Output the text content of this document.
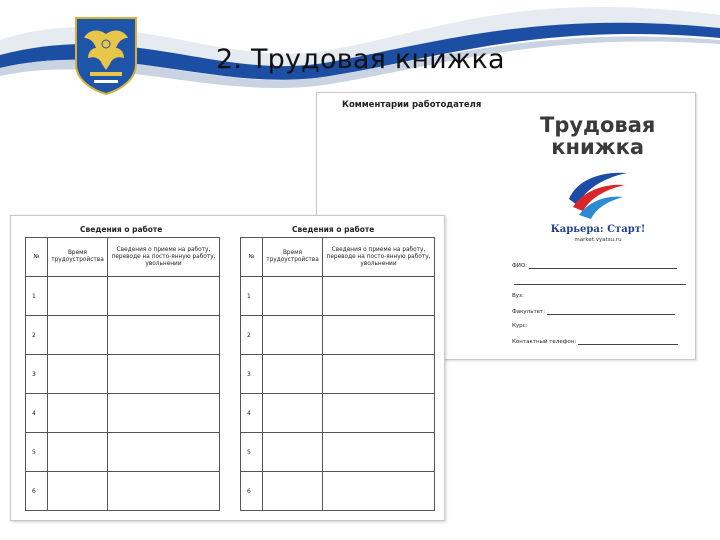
2. Трудовая книжка
Комментарии работодателя
Трудовая
книжка
Карьера: Старт!
market.vyatsu.ru
ФИО:
Вуз:
Факультет:
Курс:
Контактный телефон:
Сведения о работе
№	Время трудоустройства	Сведения о приеме на работу, переводе на посто-янную работу, увольнении
1		
2		
3		
4		
5		
6		
Сведения о работе
№	Время трудоустройства	Сведения о приеме на работу, переводе на посто-янную работу, увольнении
1		
2		
3		
4		
5		
6		
